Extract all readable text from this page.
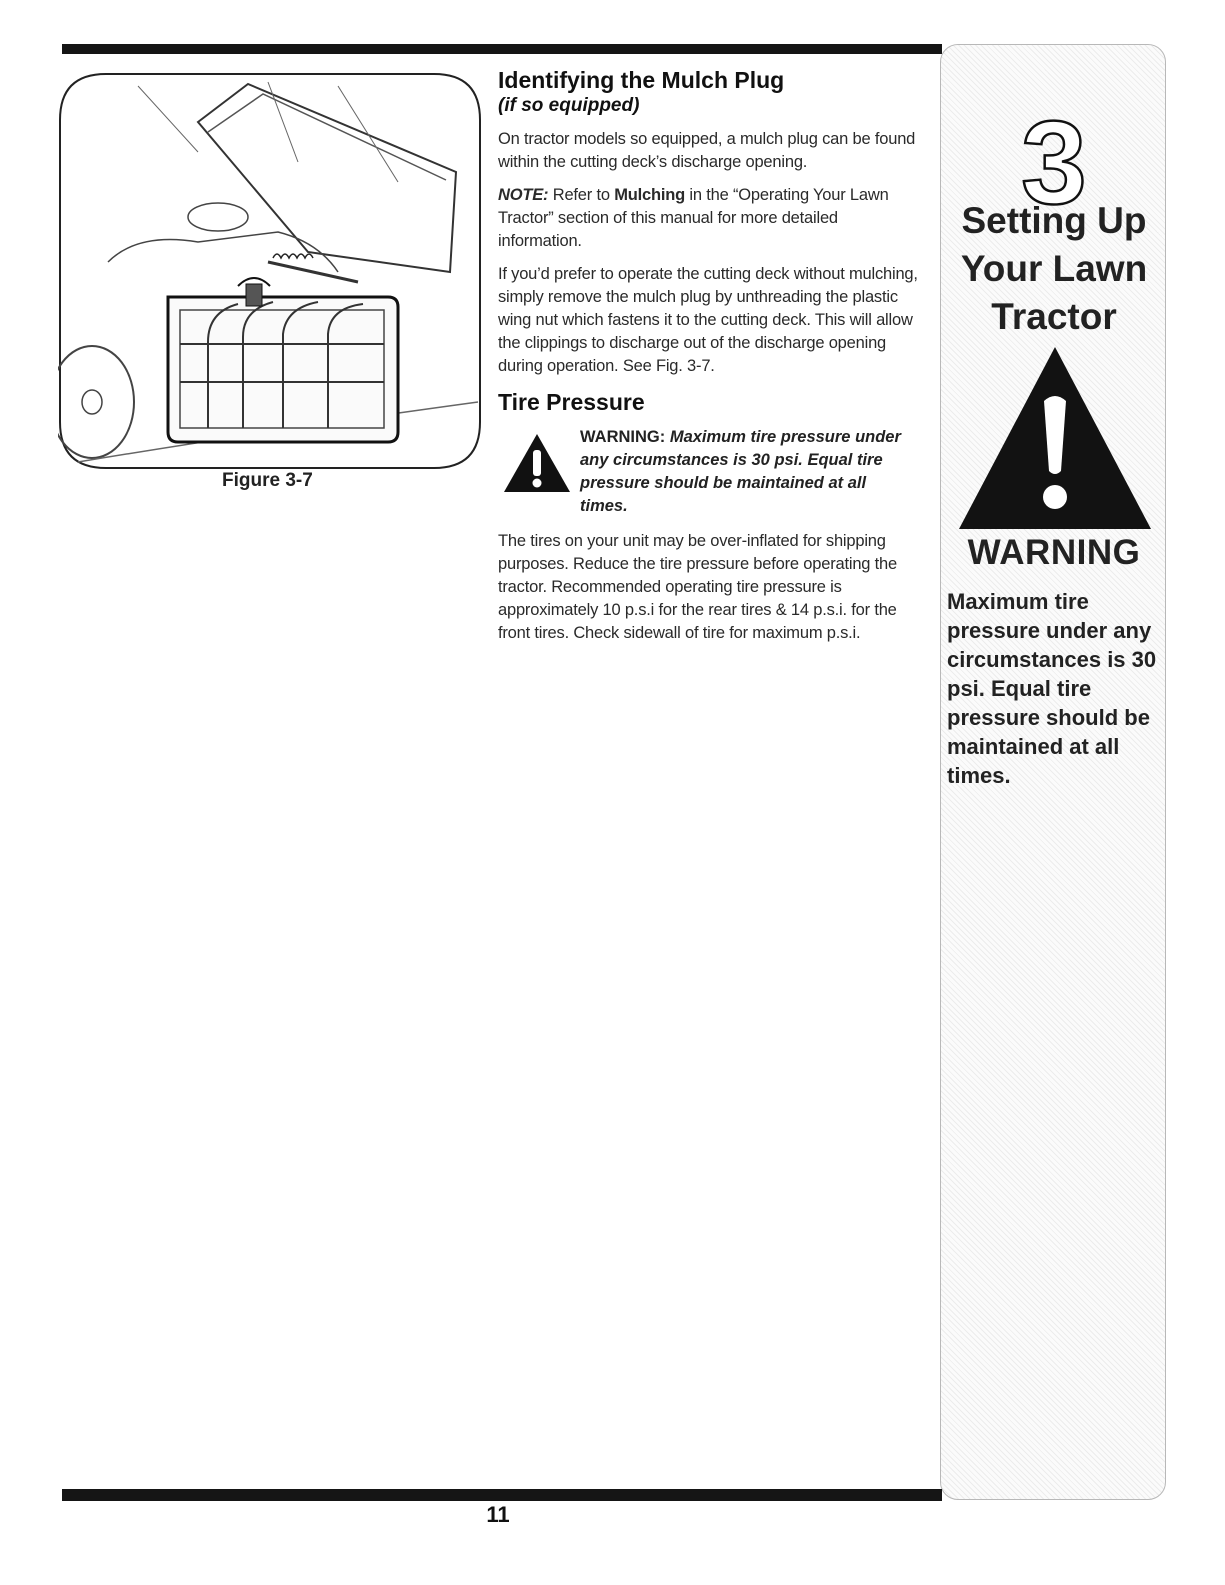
Figure 3-7
Identifying the Mulch Plug

(if so equipped)

On tractor models so equipped, a mulch plug can be found within the cutting deck’s discharge opening.

NOTE: Refer to Mulching in the “Operating Your Lawn Tractor” section of this manual for more detailed information.

If you’d prefer to operate the cutting deck without mulching, simply remove the mulch plug by unthreading the plastic wing nut which fastens it to the cutting deck. This will allow the clippings to discharge out of the discharge opening during operation. See Fig. 3-7.

Tire Pressure
WARNING: Maximum tire pressure under any circumstances is 30 psi. Equal tire pressure should be maintained at all times.

The tires on your unit may be over-inflated for shipping purposes. Reduce the tire pressure before operating the tractor. Recommended operating tire pressure is approximately 10 p.s.i for the rear tires & 14 p.s.i. for the front tires. Check sidewall of tire for maximum p.s.i.

3
Setting Up
Your Lawn
Tractor
WARNING
Maximum tire pressure under any circumstances is 30 psi. Equal tire pressure should be maintained at all times.
11
